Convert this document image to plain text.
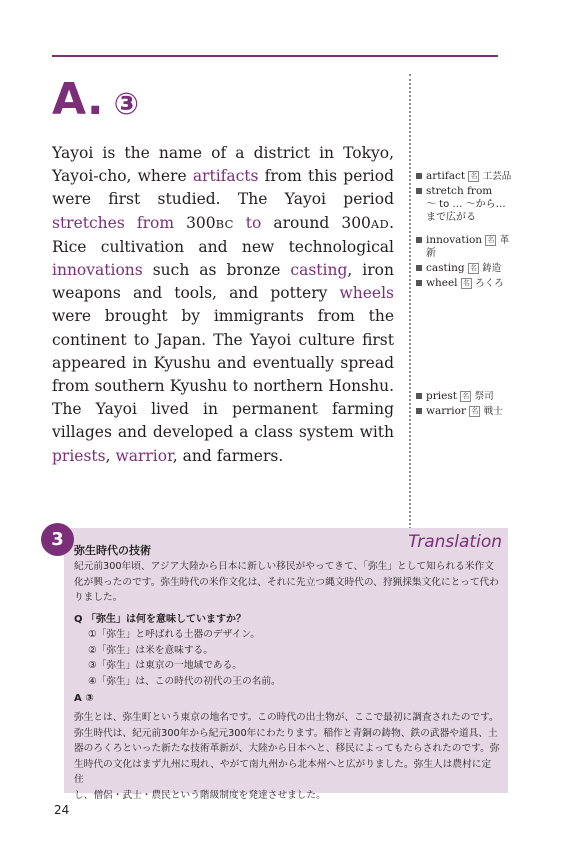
A. ③
Yayoi is the name of a district in Tokyo, Yayoi-cho, where artifacts from this period were first studied. The Yayoi period stretches from 300BC to around 300AD. Rice cultivation and new technological innovations such as bronze casting, iron weapons and tools, and pottery wheels were brought by immigrants from the continent to Japan. The Yayoi culture first appeared in Kyushu and eventually spread from southern Kyushu to northern Honshu. The Yayoi lived in permanent farming villages and developed a class system with priests, warrior, and farmers.
artifact 名 工芸品
stretch from
～ to … ～から…
まで広がる
innovation 名 革
新
casting 名 鋳造
wheel 名 ろくろ
priest 名 祭司
warrior 名 戦士
Translation
弥生時代の技術
紀元前300年頃、アジア大陸から日本に新しい移民がやってきて、「弥生」として知られる米作文
化が興ったのです。弥生時代の米作文化は、それに先立つ縄文時代の、狩猟採集文化にとって代わ
りました。
Q 「弥生」は何を意味していますか？
①「弥生」と呼ばれる土器のデザイン。
②「弥生」は米を意味する。
③「弥生」は東京の一地域である。
④「弥生」は、この時代の初代の王の名前。
A ③
弥生とは、弥生町という東京の地名です。この時代の出土物が、ここで最初に調査されたのです。
弥生時代は、紀元前300年から紀元300年にわたります。稲作と青銅の鋳物、鉄の武器や道具、土
器のろくろといった新たな技術革新が、大陸から日本へと、移民によってもたらされたのです。弥
生時代の文化はまず九州に現れ、やがて南九州から北本州へと広がりました。弥生人は農村に定住
し、僧侶・武士・農民という階級制度を発達させました。
3
24
